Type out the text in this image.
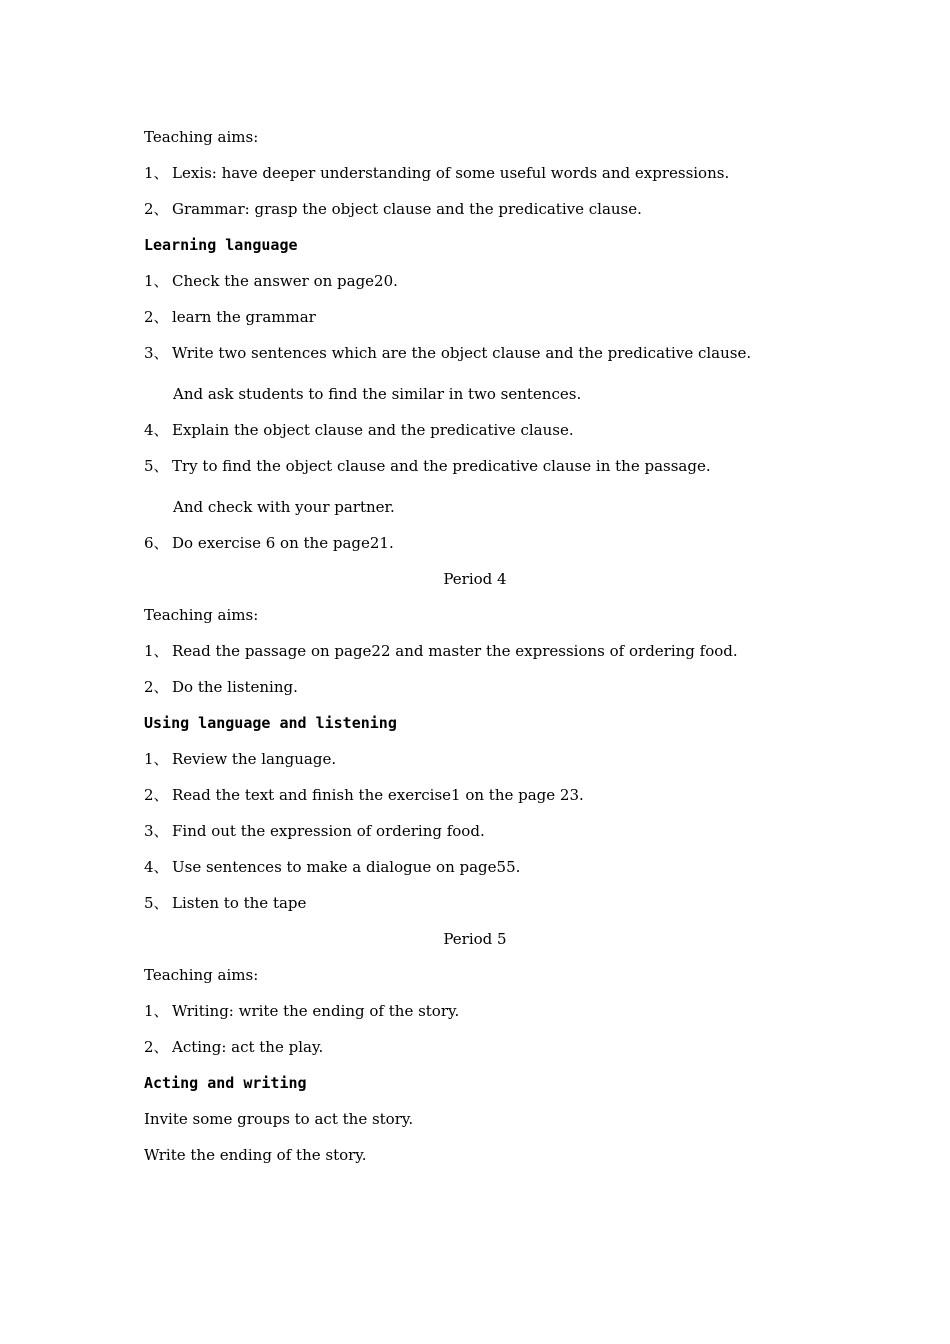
Teaching aims:
1、 Lexis: have deeper understanding of some useful words and expressions.
2、 Grammar: grasp the object clause and the predicative clause.
Learning language
1、 Check the answer on page20.
2、 learn the grammar
3、 Write two sentences which are the object clause and the predicative clause.
And ask students to find the similar in two sentences.
4、 Explain the object clause and the predicative clause.
5、 Try to find the object clause and the predicative clause in the passage.
And check with your partner.
6、 Do exercise 6 on the page21.
Period 4
Teaching aims:
1、 Read the passage on page22 and master the expressions of ordering food.
2、 Do the listening.
Using language and listening
1、 Review the language.
2、 Read the text and finish the exercise1 on the page 23.
3、 Find out the expression of ordering food.
4、 Use sentences to make a dialogue on page55.
5、 Listen to the tape
Period 5
Teaching aims:
1、 Writing: write the ending of the story.
2、 Acting: act the play.
Acting and writing
Invite some groups to act the story.
Write the ending of the story.
